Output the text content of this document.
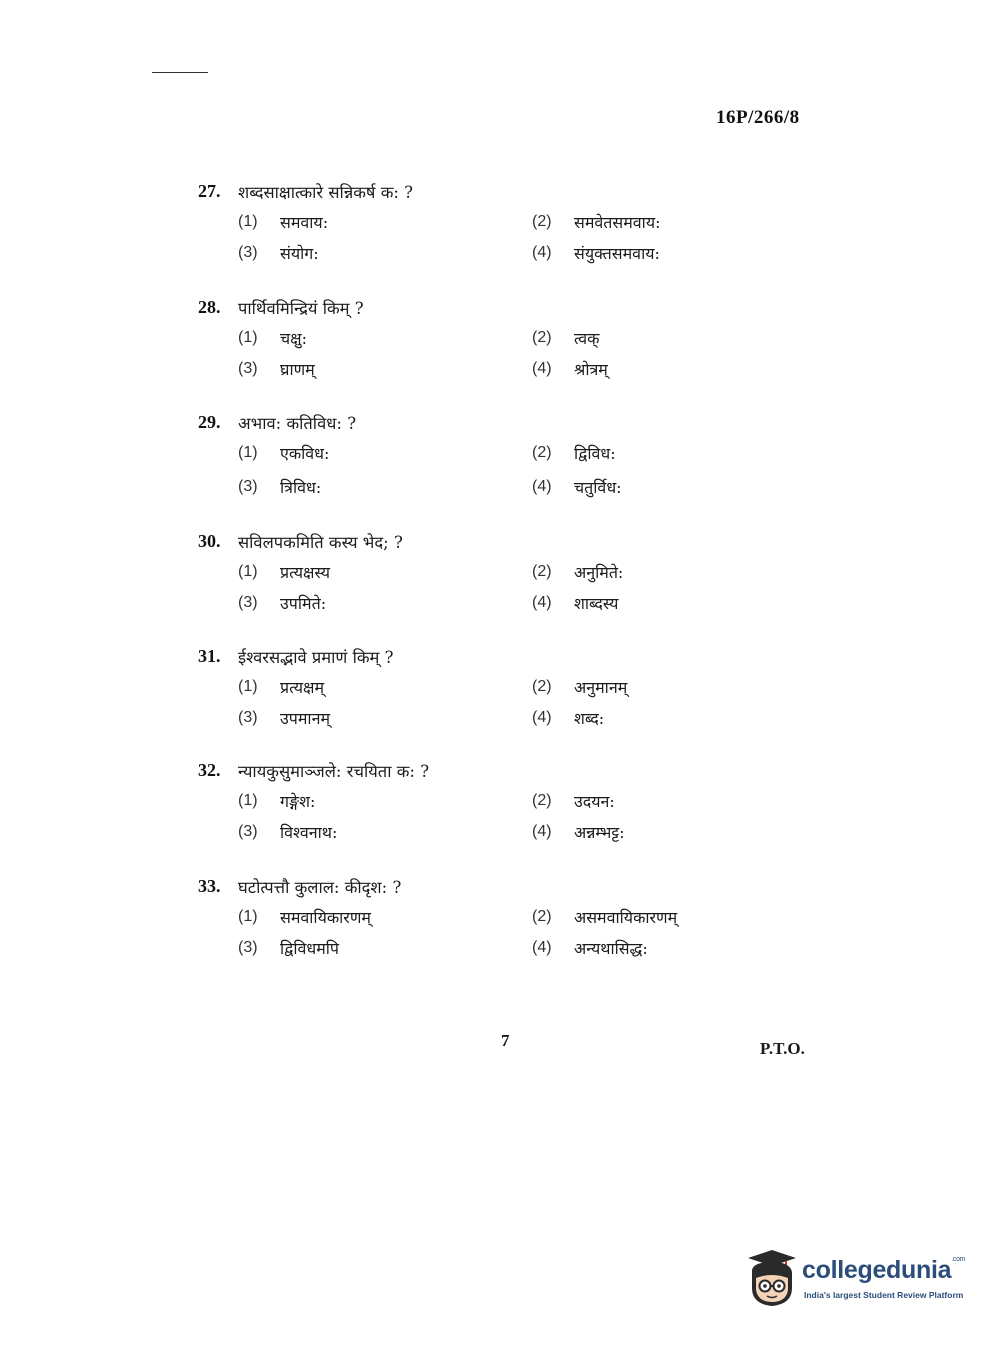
16P/266/8
27.	शब्दसाक्षात्कारे सन्निकर्ष क: ?
(1)	समवाय:	(2)	समवेतसमवाय:
(3)	संयोग:	(4)	संयुक्तसमवाय:
28.	पार्थिवमिन्द्रियं किम् ?
(1)	चक्षु:	(2)	त्वक्
(3)	घ्राणम्	(4)	श्रोत्रम्
29.	अभाव: कतिविध: ?
(1)	एकविध:	(2)	द्विविध:
(3)	त्रिविध:	(4)	चतुर्विध:
30.	सविलपकमिति कस्य भेद; ?
(1)	प्रत्यक्षस्य	(2)	अनुमिते:
(3)	उपमिते:	(4)	शाब्दस्य
31.	ईश्वरसद्भावे प्रमाणं किम् ?
(1)	प्रत्यक्षम्	(2)	अनुमानम्
(3)	उपमानम्	(4)	शब्द:
32.	न्यायकुसुमाञ्जले: रचयिता क: ?
(1)	गङ्गेश:	(2)	उदयन:
(3)	विश्वनाथ:	(4)	अन्नम्भट्ट:
33.	घटोत्पत्तौ कुलाल: कीदृश: ?
(1)	समवायिकारणम्	(2)	असमवायिकारणम्
(3)	द्विविधमपि	(4)	अन्यथासिद्ध:
7	P.T.O.
collegedunia$^{.com}$
India's largest Student Review Platform
